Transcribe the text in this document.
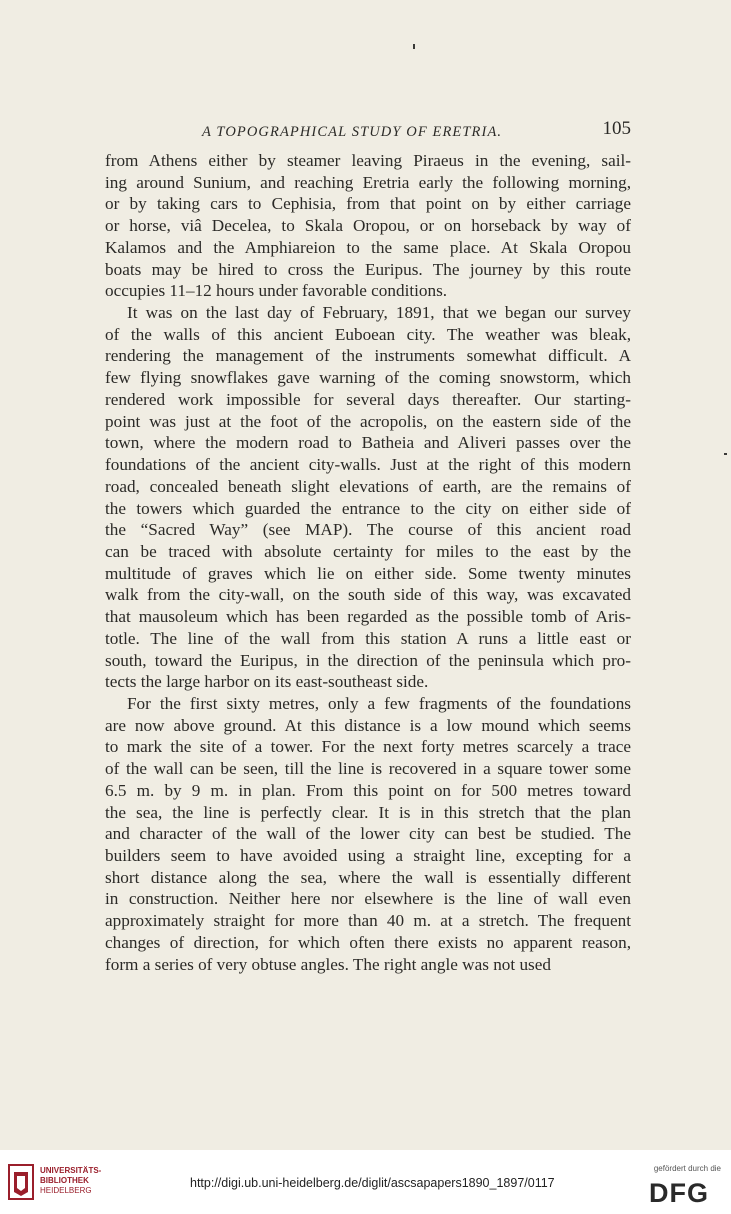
A TOPOGRAPHICAL STUDY OF ERETRIA.	105
from Athens either by steamer leaving Piraeus in the evening, sail-
ing around Sunium, and reaching Eretria early the following morning,
or by taking cars to Cephisia, from that point on by either carriage
or horse, viâ Decelea, to Skala Oropou, or on horseback by way of
Kalamos and the Amphiareion to the same place. At Skala Oropou
boats may be hired to cross the Euripus. The journey by this route
occupies 11–12 hours under favorable conditions.
It was on the last day of February, 1891, that we began our survey
of the walls of this ancient Euboean city. The weather was bleak,
rendering the management of the instruments somewhat difficult. A
few flying snowflakes gave warning of the coming snowstorm, which
rendered work impossible for several days thereafter. Our starting-
point was just at the foot of the acropolis, on the eastern side of the
town, where the modern road to Batheia and Aliveri passes over the
foundations of the ancient city-walls. Just at the right of this modern
road, concealed beneath slight elevations of earth, are the remains of
the towers which guarded the entrance to the city on either side of
the “Sacred Way” (see MAP). The course of this ancient road
can be traced with absolute certainty for miles to the east by the
multitude of graves which lie on either side. Some twenty minutes
walk from the city-wall, on the south side of this way, was excavated
that mausoleum which has been regarded as the possible tomb of Aris-
totle. The line of the wall from this station A runs a little east or
south, toward the Euripus, in the direction of the peninsula which pro-
tects the large harbor on its east-southeast side.
For the first sixty metres, only a few fragments of the foundations
are now above ground. At this distance is a low mound which seems
to mark the site of a tower. For the next forty metres scarcely a trace
of the wall can be seen, till the line is recovered in a square tower some
6.5 m. by 9 m. in plan. From this point on for 500 metres toward
the sea, the line is perfectly clear. It is in this stretch that the plan
and character of the wall of the lower city can best be studied. The
builders seem to have avoided using a straight line, excepting for a
short distance along the sea, where the wall is essentially different
in construction. Neither here nor elsewhere is the line of wall even
approximately straight for more than 40 m. at a stretch. The frequent
changes of direction, for which often there exists no apparent reason,
form a series of very obtuse angles. The right angle was not used
UNIVERSITÄTS-
BIBLIOTHEK
HEIDELBERG
http://digi.ub.uni-heidelberg.de/diglit/ascsapapers1890_1897/0117
gefördert durch die
DFG
